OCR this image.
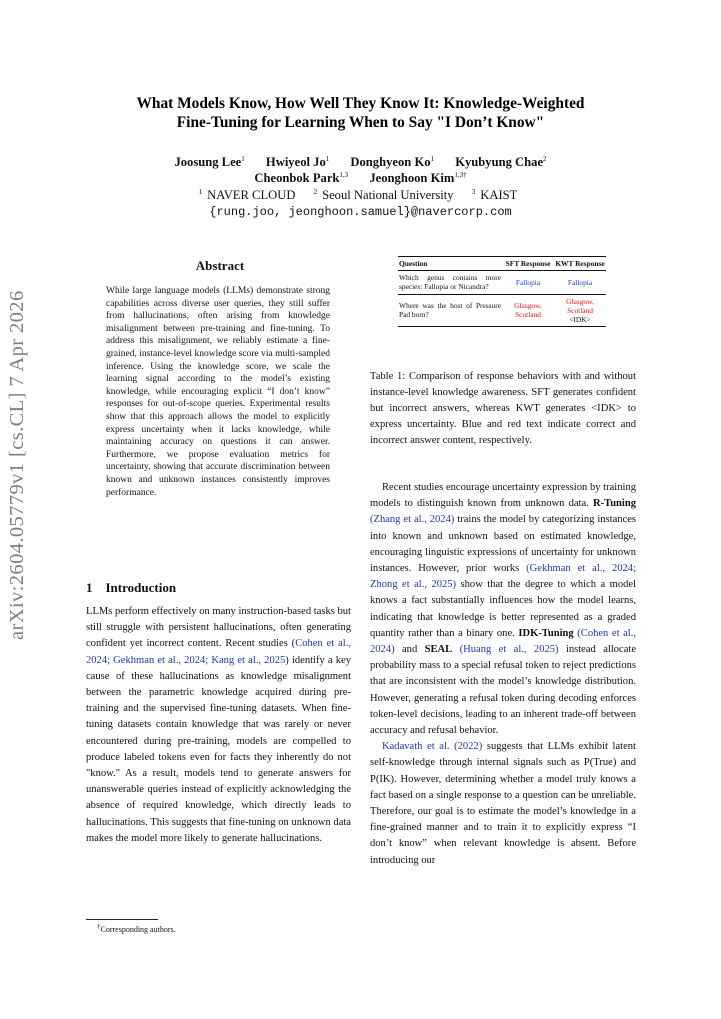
arXiv:2604.05779v1 [cs.CL] 7 Apr 2026
What Models Know, How Well They Know It: Knowledge-Weighted
Fine-Tuning for Learning When to Say "I Don’t Know"
Joosung Lee$^1$ Hwiyeol Jo$^1$ Donghyeon Ko$^1$ Kyubyung Chae$^2$
Cheonbok Park$^{1,3}$ Jeonghoon Kim$^{1,3\dagger}$
$^1$ NAVER CLOUD	$^2$ Seoul National University	$^3$ KAIST
{rung.joo, jeonghoon.samuel}@navercorp.com
Abstract

While large language models (LLMs) demonstrate strong capabilities across diverse user queries, they still suffer from hallucinations, often arising from knowledge misalignment between pre-training and fine-tuning. To address this misalignment, we reliably estimate a fine-grained, instance-level knowledge score via multi-sampled inference. Using the knowledge score, we scale the learning signal according to the model’s existing knowledge, while encouraging explicit “I don’t know” responses for out-of-scope queries. Experimental results show that this approach allows the model to explicitly express uncertainty when it lacks knowledge, while maintaining accuracy on questions it can answer. Furthermore, we propose evaluation metrics for uncertainty, showing that accurate discrimination between known and unknown instances consistently improves performance.

1 Introduction

LLMs perform effectively on many instruction-based tasks but still struggle with persistent hallucinations, often generating confident yet incorrect content. Recent studies (Cohen et al., 2024; Gekhman et al., 2024; Kang et al., 2025) identify a key cause of these hallucinations as knowledge misalignment between the parametric knowledge acquired during pre-training and the supervised fine-tuning datasets. When fine-tuning datasets contain knowledge that was rarely or never encountered during pre-training, models are compelled to produce labeled tokens even for facts they inherently do not "know." As a result, models tend to generate answers for unanswerable queries instead of explicitly acknowledging the absence of required knowledge, which directly leads to hallucinations. This suggests that fine-tuning on unknown data makes the model more likely to generate hallucinations.

†Corresponding authors.
Question	SFT Response	KWT Response
Which genus contains more species: Fallopia or Nicandra?	Fallopia	Fallopia
Where was the host of Pressure Pad born?	Glasgow, Scotland	Glasgow, Scotland
<IDK>
Table 1: Comparison of response behaviors with and without instance-level knowledge awareness. SFT generates confident but incorrect answers, whereas KWT generates <IDK> to express uncertainty. Blue and red text indicate correct and incorrect answer content, respectively.

Recent studies encourage uncertainty expression by training models to distinguish known from unknown data. R-Tuning (Zhang et al., 2024) trains the model by categorizing instances into known and unknown based on estimated knowledge, encouraging linguistic expressions of uncertainty for unknown instances. However, prior works (Gekhman et al., 2024; Zhong et al., 2025) show that the degree to which a model knows a fact substantially influences how the model learns, indicating that knowledge is better represented as a graded quantity rather than a binary one. IDK-Tuning (Cohen et al., 2024) and SEAL (Huang et al., 2025) instead allocate probability mass to a special refusal token to reject predictions that are inconsistent with the model’s knowledge distribution. However, generating a refusal token during decoding enforces token-level decisions, leading to an inherent trade-off between accuracy and refusal behavior.

Kadavath et al. (2022) suggests that LLMs exhibit latent self-knowledge through internal signals such as P(True) and P(IK). However, determining whether a model truly knows a fact based on a single response to a question can be unreliable. Therefore, our goal is to estimate the model’s knowledge in a fine-grained manner and to train it to explicitly express “I don’t know” when relevant knowledge is absent. Before introducing our
